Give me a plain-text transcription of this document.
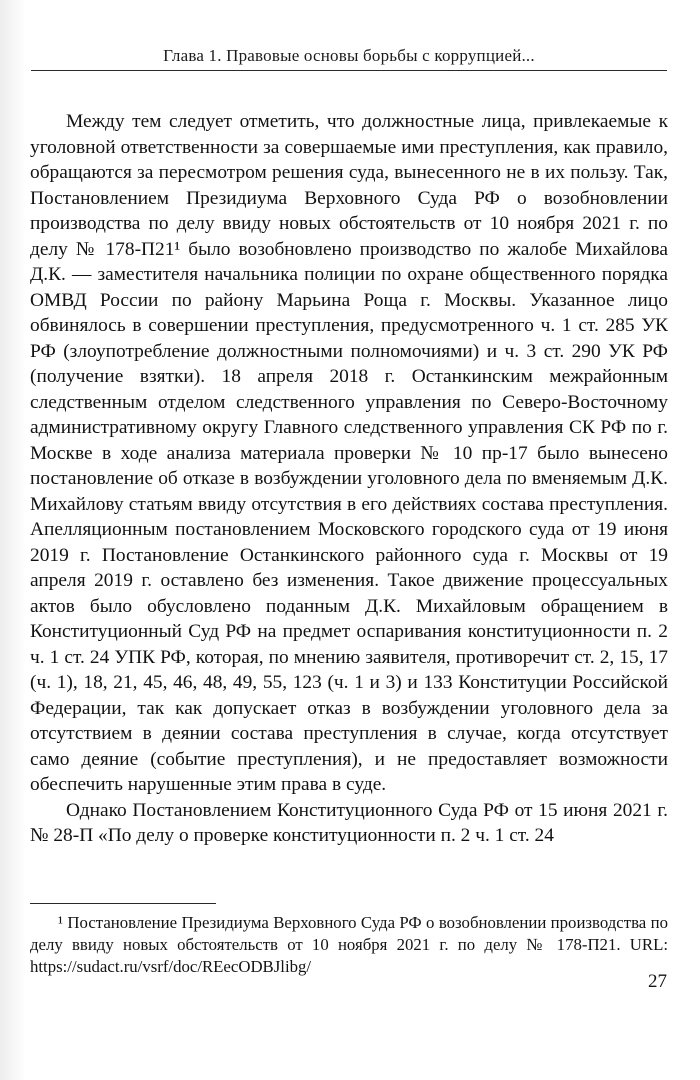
Глава 1. Правовые основы борьбы с коррупцией...

Между тем следует отметить, что должностные лица, привлекаемые к уголовной ответственности за совершаемые ими преступления, как правило, обращаются за пересмотром решения суда, вынесенного не в их пользу. Так, Постановлением Президиума Верховного Суда РФ о возобновлении производства по делу ввиду новых обстоятельств от 10 ноября 2021 г. по делу № 178-П21¹ было возобновлено производство по жалобе Михайлова Д.К. — заместителя начальника полиции по охране общественного порядка ОМВД России по району Марьина Роща г. Москвы. Указанное лицо обвинялось в совершении преступления, предусмотренного ч. 1 ст. 285 УК РФ (злоупотребление должностными полномочиями) и ч. 3 ст. 290 УК РФ (получение взятки). 18 апреля 2018 г. Останкинским межрайонным следственным отделом следственного управления по Северо-Восточному административному округу Главного следственного управления СК РФ по г. Москве в ходе анализа материала проверки № 10 пр-17 было вынесено постановление об отказе в возбуждении уголовного дела по вменяемым Д.К. Михайлову статьям ввиду отсутствия в его действиях состава преступления. Апелляционным постановлением Московского городского суда от 19 июня 2019 г. Постановление Останкинского районного суда г. Москвы от 19 апреля 2019 г. оставлено без изменения. Такое движение процессуальных актов было обусловлено поданным Д.К. Михайловым обращением в Конституционный Суд РФ на предмет оспаривания конституционности п. 2 ч. 1 ст. 24 УПК РФ, которая, по мнению заявителя, противоречит ст. 2, 15, 17 (ч. 1), 18, 21, 45, 46, 48, 49, 55, 123 (ч. 1 и 3) и 133 Конституции Российской Федерации, так как допускает отказ в возбуждении уголовного дела за отсутствием в деянии состава преступления в случае, когда отсутствует само деяние (событие преступления), и не предоставляет возможности обеспечить нарушенные этим права в суде.

Однако Постановлением Конституционного Суда РФ от 15 июня 2021 г. № 28-П «По делу о проверке конституционности п. 2 ч. 1 ст. 24

¹ Постановление Президиума Верховного Суда РФ о возобновлении производства по делу ввиду новых обстоятельств от 10 ноября 2021 г. по делу № 178-П21. URL: https://sudact.ru/vsrf/doc/REecODBJlibg/

27
